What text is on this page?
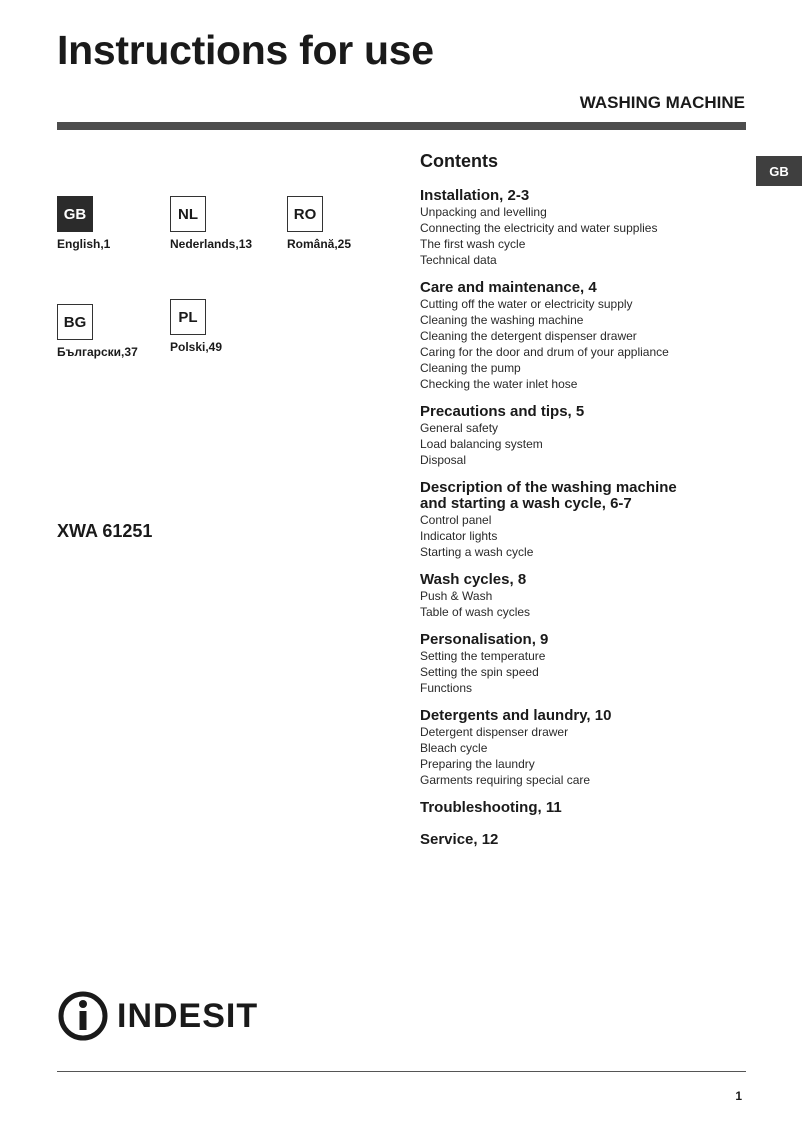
Instructions for use
WASHING MACHINE
GB
GB
English,1
NL
Nederlands,13
RO
Română,25
BG
Български,37
PL
Polski,49
XWA 61251
Contents
Installation, 2-3
Unpacking and levelling
Connecting the electricity and water supplies
The first wash cycle
Technical data
Care and maintenance, 4
Cutting off the water or electricity supply
Cleaning the washing machine
Cleaning the detergent dispenser drawer
Caring for the door and drum of your appliance
Cleaning the pump
Checking the water inlet hose
Precautions and tips, 5
General safety
Load balancing system
Disposal
Description of the washing machine
and starting a wash cycle, 6-7
Control panel
Indicator lights
Starting a wash cycle
Wash cycles, 8
Push & Wash
Table of wash cycles
Personalisation, 9
Setting the temperature
Setting the spin speed
Functions
Detergents and laundry, 10
Detergent dispenser drawer
Bleach cycle
Preparing the laundry
Garments requiring special care
Troubleshooting, 11
Service, 12
INDESIT
1
